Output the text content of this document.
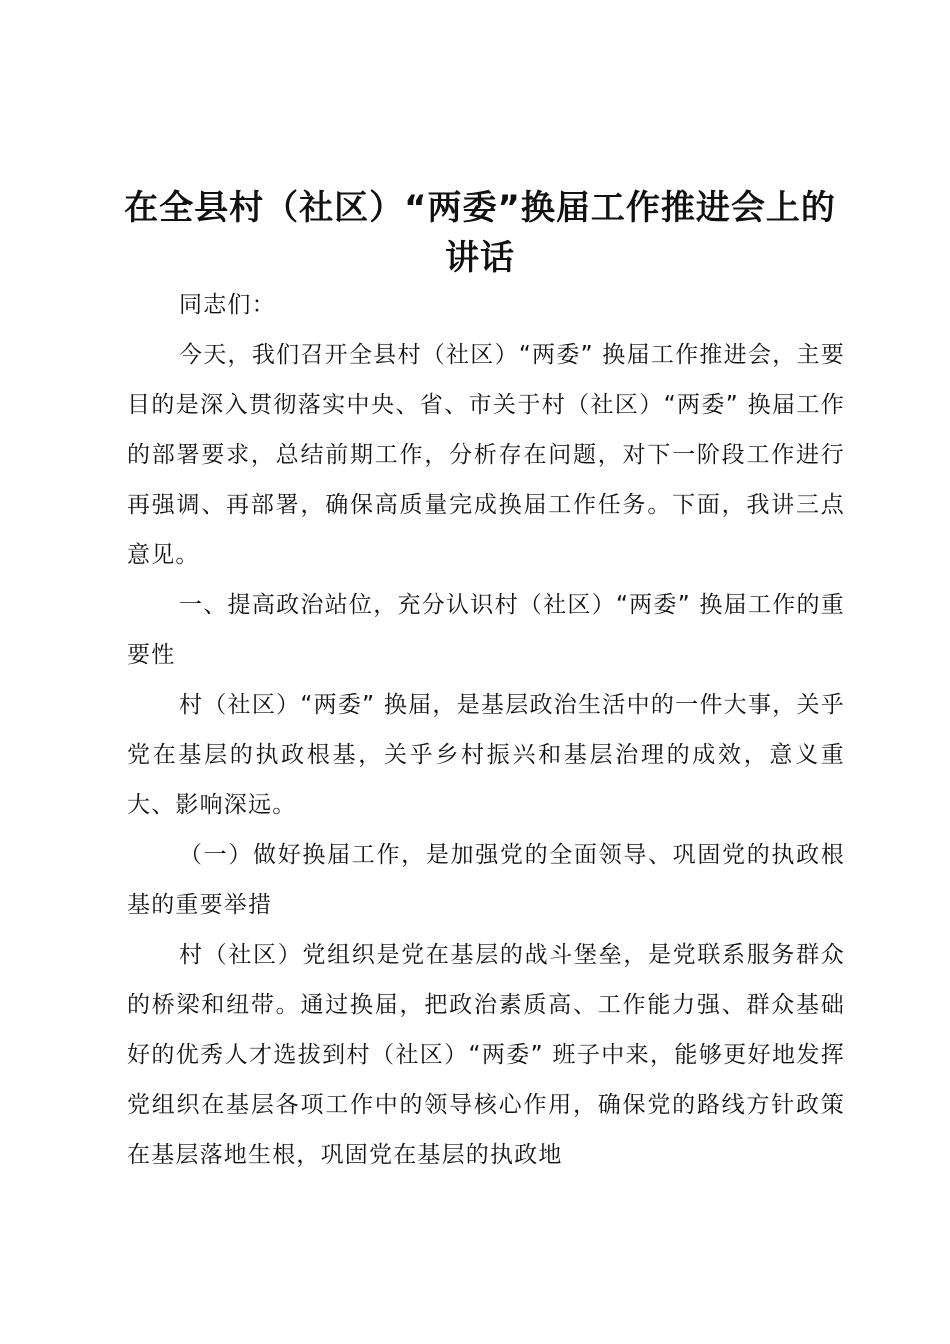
在全县村（社区）“两委”换届工作推进会上的讲话

同志们：

今天，我们召开全县村（社区）“两委” 换届工作推进会，主要目的是深入贯彻落实中央、省、市关于村（社区）“两委” 换届工作的部署要求，总结前期工作，分析存在问题，对下一阶段工作进行再强调、再部署，确保高质量完成换届工作任务。下面，我讲三点意见。

一、提高政治站位，充分认识村（社区）“两委” 换届工作的重要性

村（社区）“两委” 换届，是基层政治生活中的一件大事，关乎党在基层的执政根基，关乎乡村振兴和基层治理的成效，意义重大、影响深远。

（一）做好换届工作，是加强党的全面领导、巩固党的执政根基的重要举措

村（社区）党组织是党在基层的战斗堡垒，是党联系服务群众的桥梁和纽带。通过换届，把政治素质高、工作能力强、群众基础好的优秀人才选拔到村（社区）“两委” 班子中来，能够更好地发挥党组织在基层各项工作中的领导核心作用，确保党的路线方针政策在基层落地生根，巩固党在基层的执政地
